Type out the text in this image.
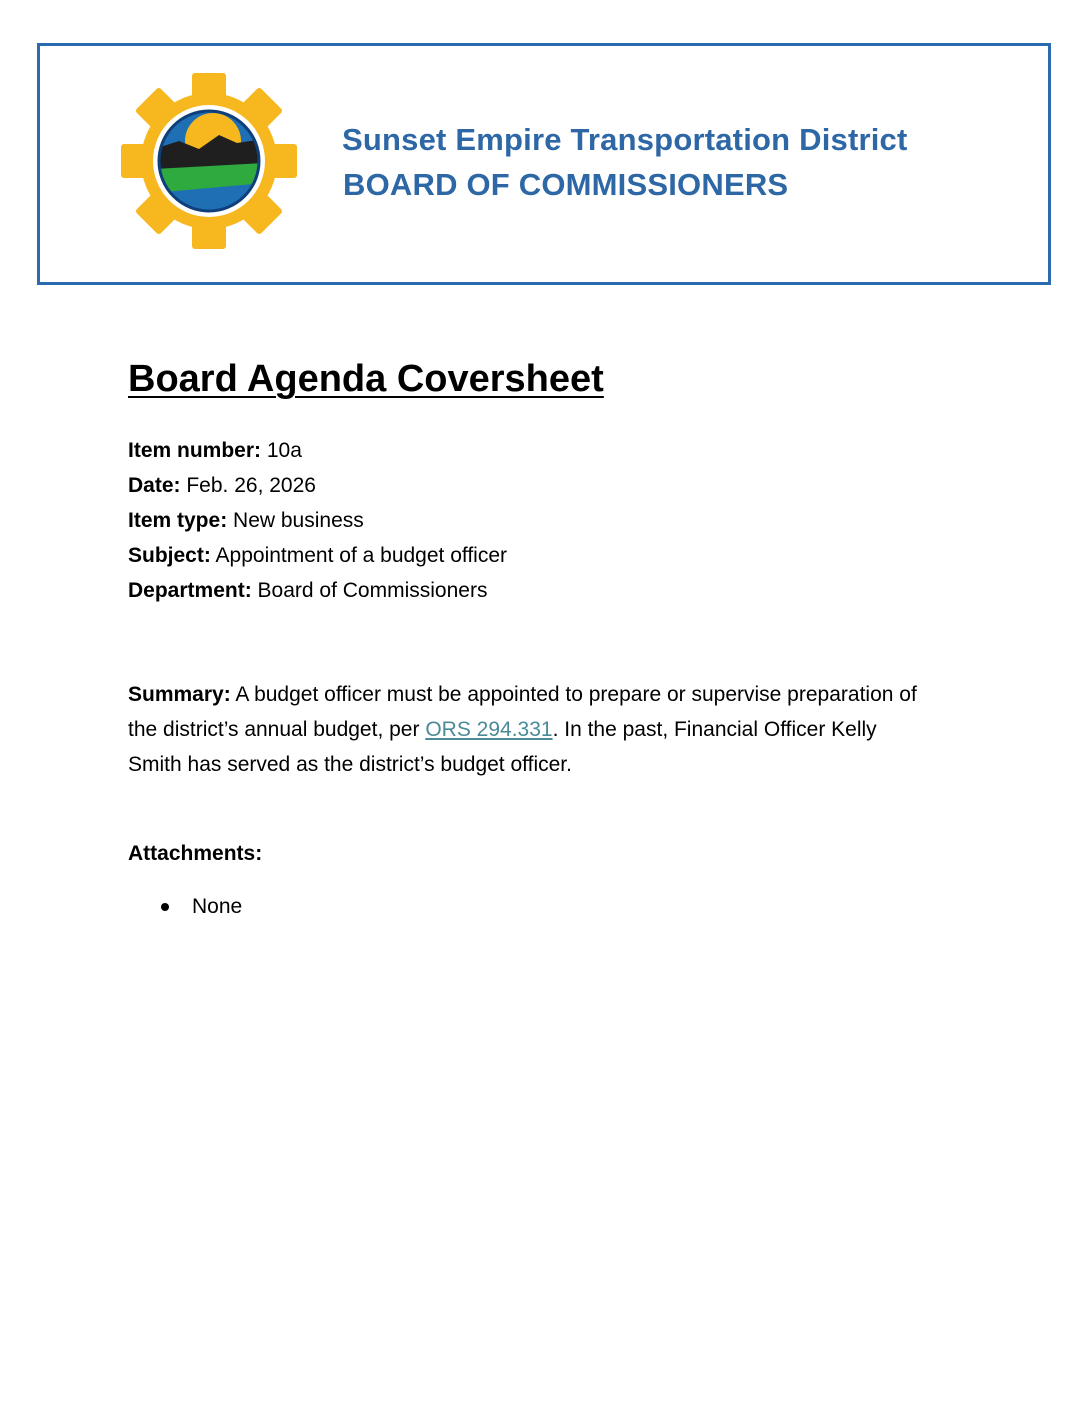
Sunset Empire Transportation District
BOARD OF COMMISSIONERS
Board Agenda Coversheet
Item number: 10a
Date: Feb. 26, 2026
Item type: New business
Subject: Appointment of a budget officer
Department: Board of Commissioners
Summary: A budget officer must be appointed to prepare or supervise preparation of the district’s annual budget, per ORS 294.331. In the past, Financial Officer Kelly Smith has served as the district’s budget officer.
Attachments:
None
